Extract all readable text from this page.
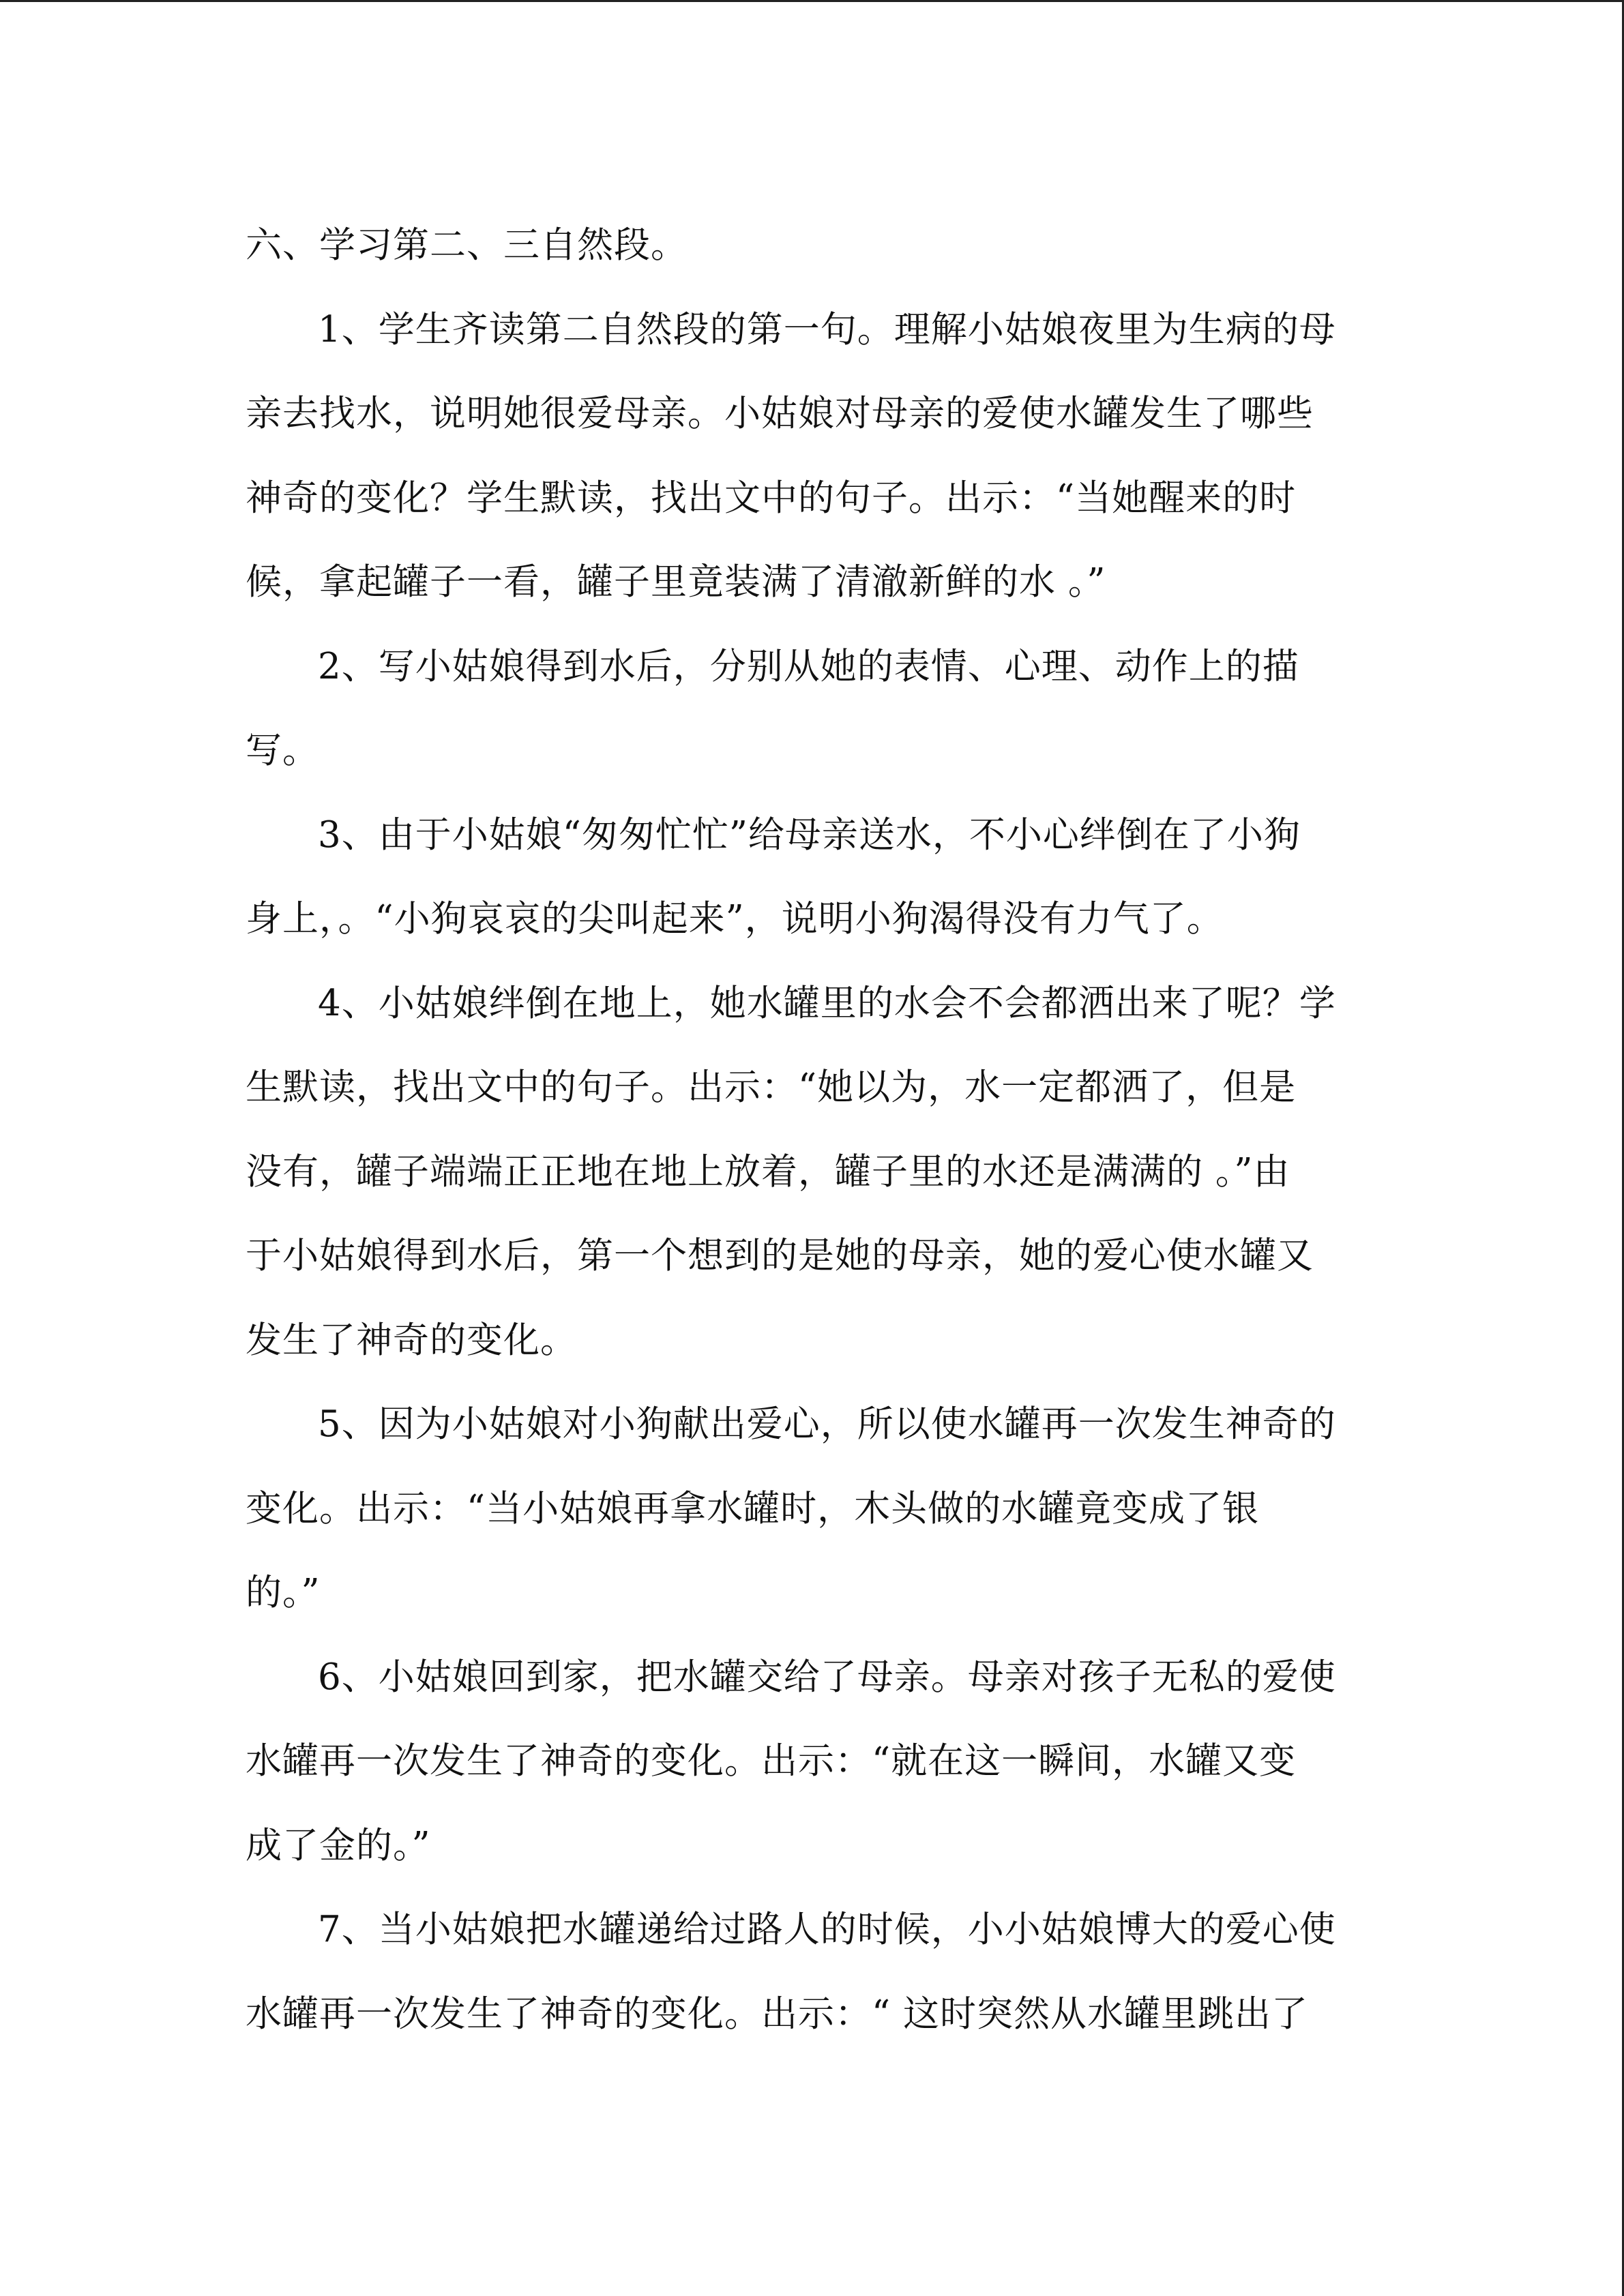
六、学习第二、三自然段。
1、学生齐读第二自然段的第一句。理解小姑娘夜里为生病的母
亲去找水，说明她很爱母亲。小姑娘对母亲的爱使水罐发生了哪些
神奇的变化？学生默读，找出文中的句子。出示：“当她醒来的时
候，拿起罐子一看，罐子里竟装满了清澈新鲜的水 。”
2、写小姑娘得到水后，分别从她的表情、心理、动作上的描
写。
3、由于小姑娘“匆匆忙忙”给母亲送水，不小心绊倒在了小狗
身上，。“小狗哀哀的尖叫起来”，说明小狗渴得没有力气了。
4、小姑娘绊倒在地上，她水罐里的水会不会都洒出来了呢？学
生默读，找出文中的句子。出示：“她以为，水一定都洒了，但是
没有，罐子端端正正地在地上放着，罐子里的水还是满满的 。”由
于小姑娘得到水后，第一个想到的是她的母亲，她的爱心使水罐又
发生了神奇的变化。
5、因为小姑娘对小狗献出爱心，所以使水罐再一次发生神奇的
变化。出示：“当小姑娘再拿水罐时，木头做的水罐竟变成了银
的。”
6、小姑娘回到家，把水罐交给了母亲。母亲对孩子无私的爱使
水罐再一次发生了神奇的变化。出示：“就在这一瞬间，水罐又变
成了金的。”
7、当小姑娘把水罐递给过路人的时候，小小姑娘博大的爱心使
水罐再一次发生了神奇的变化。出示：“ 这时突然从水罐里跳出了
